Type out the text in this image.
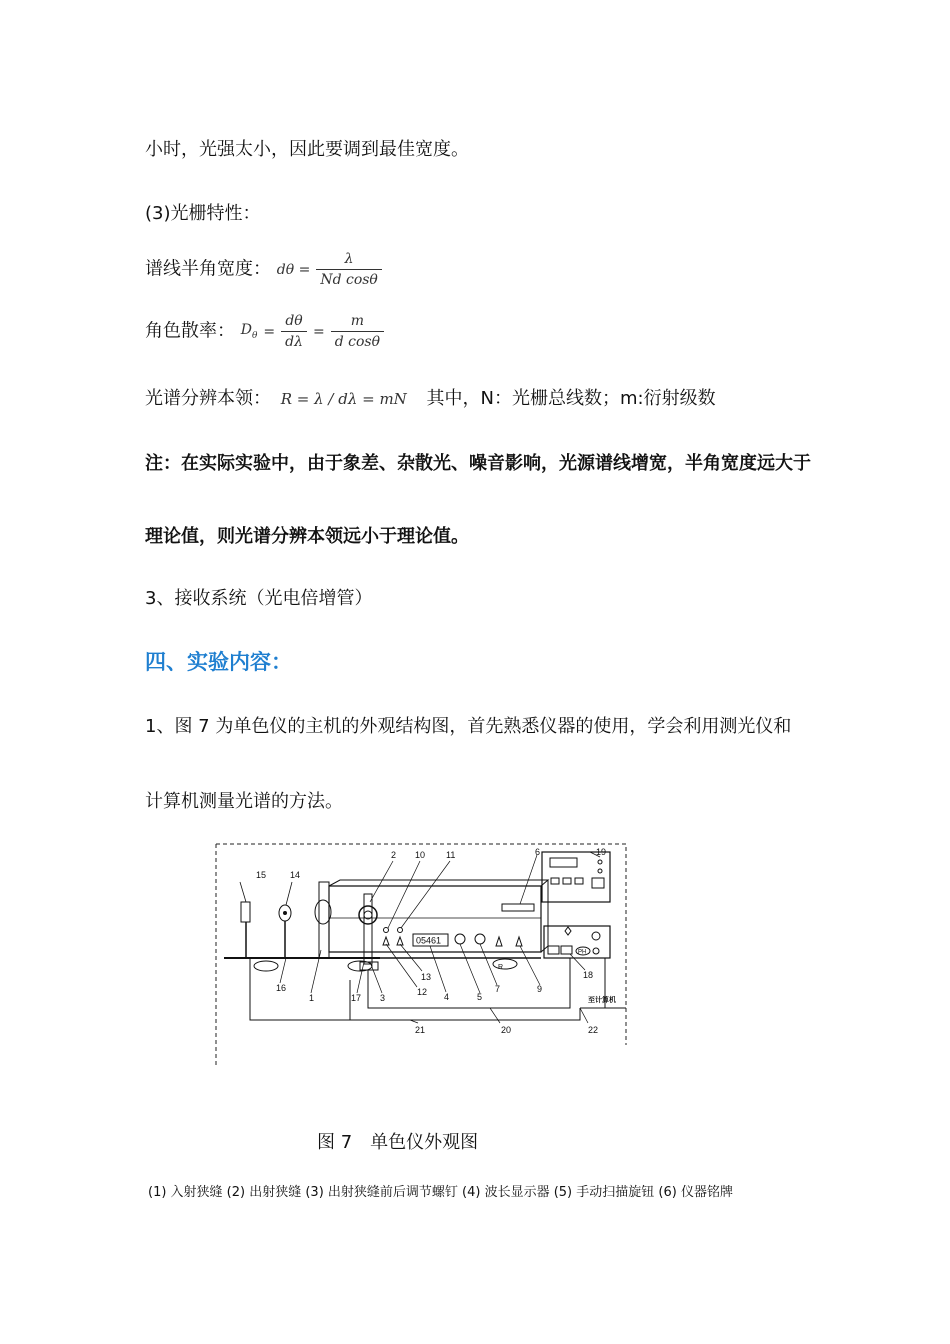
小时，光强太小，因此要调到最佳宽度。
(3)光栅特性：
谱线半角宽度： $d\theta = \frac{\lambda}{\text{Nd cosθ}}$
角色散率： $D_\theta = \frac{d\theta}{d\lambda} = \frac{m}{\text{d cosθ}}$
光谱分辨本领： R = λ / dλ = mN 其中，N：光栅总线数；m:衍射级数
注：在实际实验中，由于象差、杂散光、噪音影响，光源谱线增宽，半角宽度远大于
理论值，则光谱分辨本领远小于理论值。
3、接收系统（光电倍增管）
四、实验内容：
1、图 7 为单色仪的主机的外观结构图，首先熟悉仪器的使用，学会利用测光仪和
计算机测量光谱的方法。
05461
R
PH
至计算机
15	14
2 10 11	6	19
13
12 4	5
7	9
18
16
1	17 3
21	20	22
图 7　单色仪外观图
(1) 入射狭缝 (2) 出射狭缝 (3) 出射狭缝前后调节螺钉 (4) 波长显示器 (5) 手动扫描旋钮 (6) 仪器铭牌
